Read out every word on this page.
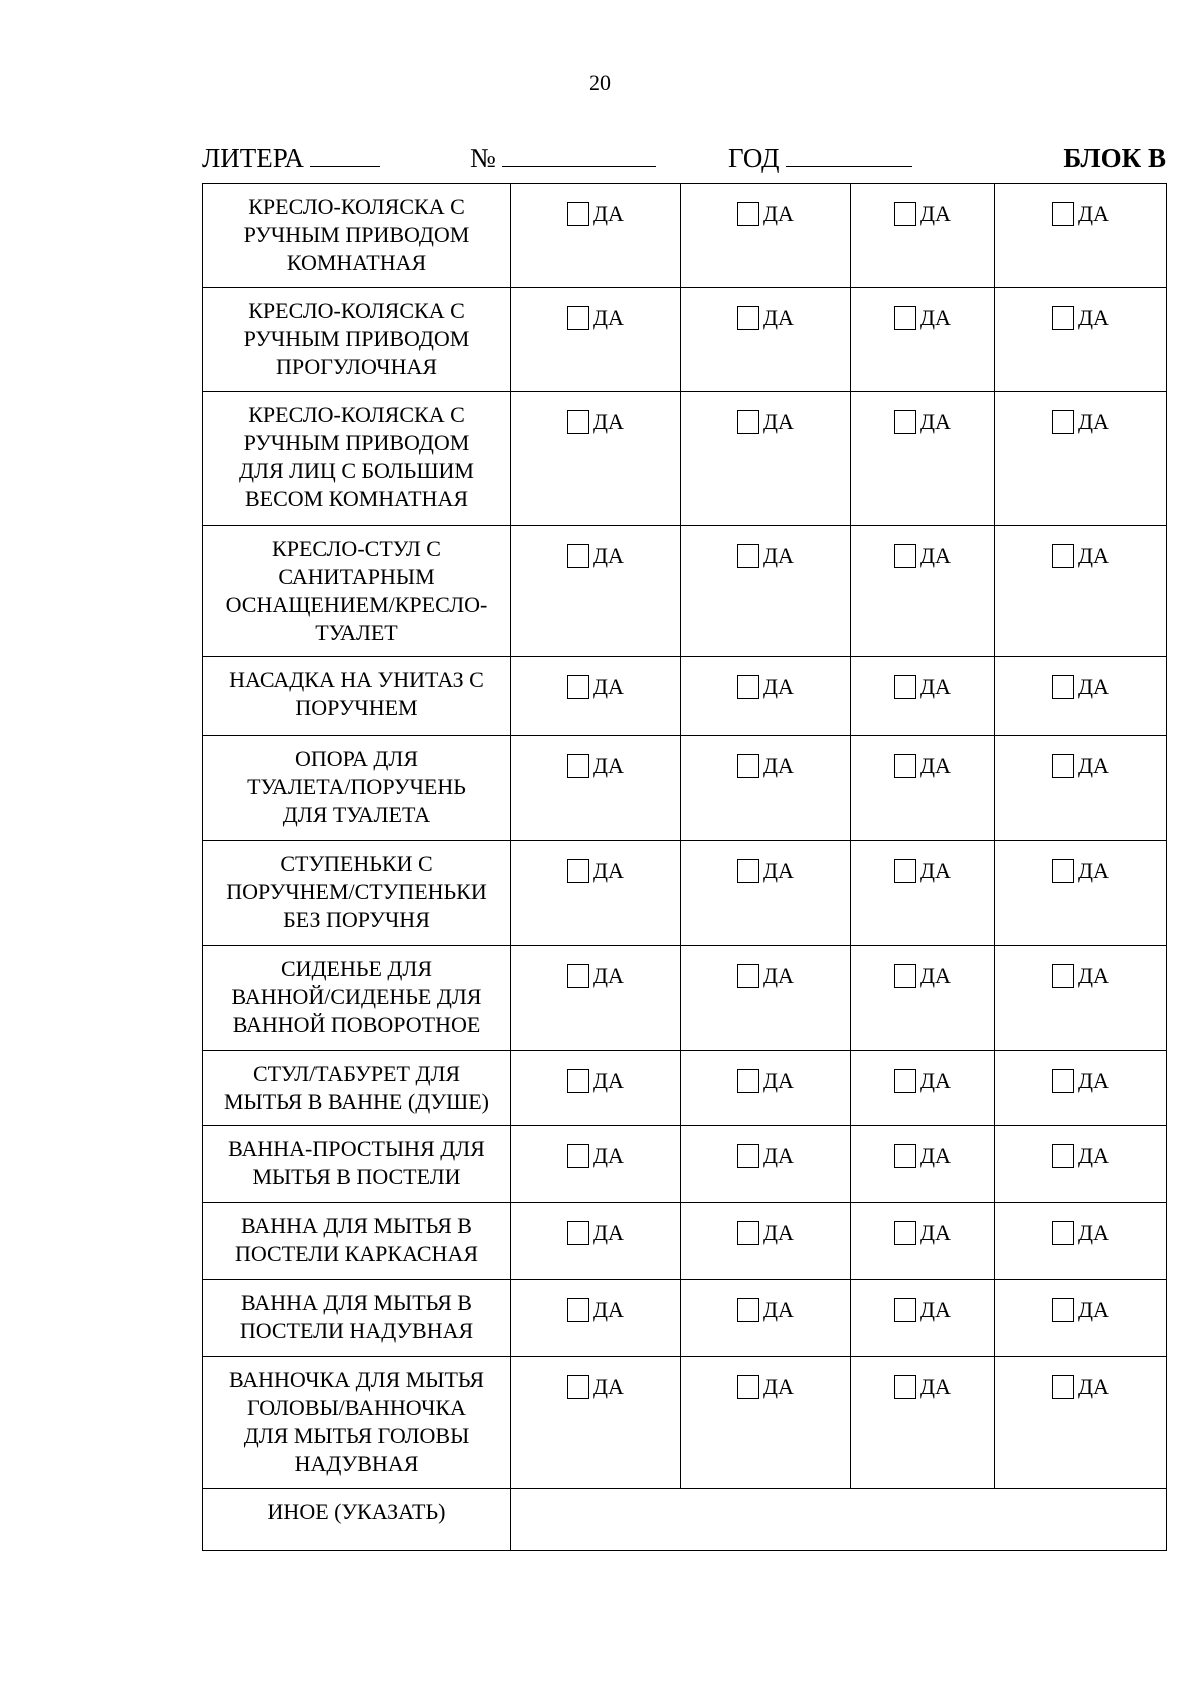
20
ЛИТЕРА	№	ГОД	БЛОК В
КРЕСЛО-КОЛЯСКА С
РУЧНЫМ ПРИВОДОМ
КОМНАТНАЯ	ДА	ДА	ДА	ДА

КРЕСЛО-КОЛЯСКА С
РУЧНЫМ ПРИВОДОМ
ПРОГУЛОЧНАЯ	ДА	ДА	ДА	ДА

КРЕСЛО-КОЛЯСКА С
РУЧНЫМ ПРИВОДОМ
ДЛЯ ЛИЦ С БОЛЬШИМ
ВЕСОМ КОМНАТНАЯ	ДА	ДА	ДА	ДА

КРЕСЛО-СТУЛ С
САНИТАРНЫМ
ОСНАЩЕНИЕМ/КРЕСЛО-
ТУАЛЕТ	ДА	ДА	ДА	ДА

НАСАДКА НА УНИТАЗ С
ПОРУЧНЕМ	ДА	ДА	ДА	ДА

ОПОРА ДЛЯ
ТУАЛЕТА/ПОРУЧЕНЬ
ДЛЯ ТУАЛЕТА	ДА	ДА	ДА	ДА

СТУПЕНЬКИ С
ПОРУЧНЕМ/СТУПЕНЬКИ
БЕЗ ПОРУЧНЯ	ДА	ДА	ДА	ДА

СИДЕНЬЕ ДЛЯ
ВАННОЙ/СИДЕНЬЕ ДЛЯ
ВАННОЙ ПОВОРОТНОЕ	ДА	ДА	ДА	ДА

СТУЛ/ТАБУРЕТ ДЛЯ
МЫТЬЯ В ВАННЕ (ДУШЕ)	ДА	ДА	ДА	ДА

ВАННА-ПРОСТЫНЯ ДЛЯ
МЫТЬЯ В ПОСТЕЛИ	ДА	ДА	ДА	ДА

ВАННА ДЛЯ МЫТЬЯ В
ПОСТЕЛИ КАРКАСНАЯ	ДА	ДА	ДА	ДА

ВАННА ДЛЯ МЫТЬЯ В
ПОСТЕЛИ НАДУВНАЯ	ДА	ДА	ДА	ДА

ВАННОЧКА ДЛЯ МЫТЬЯ
ГОЛОВЫ/ВАННОЧКА
ДЛЯ МЫТЬЯ ГОЛОВЫ
НАДУВНАЯ	ДА	ДА	ДА	ДА

ИНОЕ (УКАЗАТЬ)				
